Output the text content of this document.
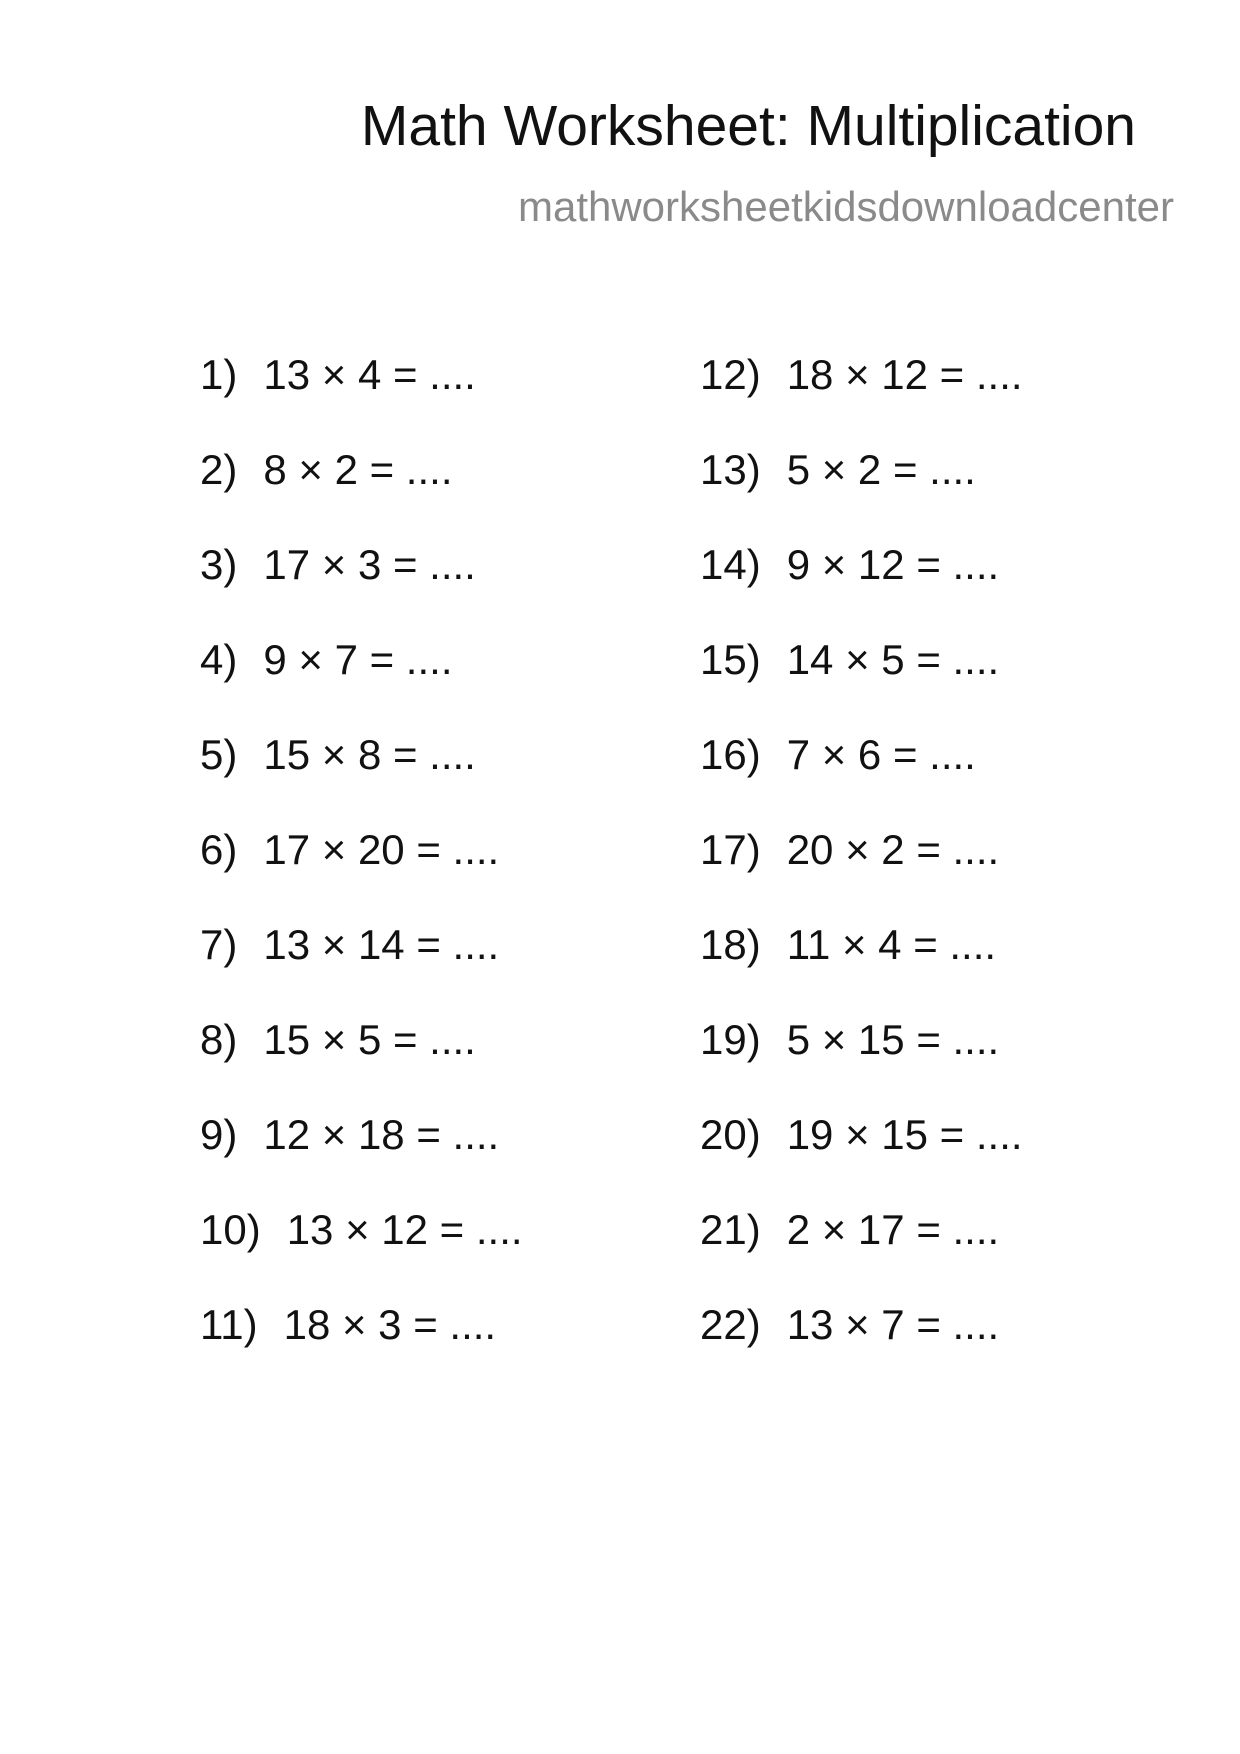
Math Worksheet: Multiplication
mathworksheetkidsdownloadcenter
1) 13 × 4 = ....
2) 8 × 2 = ....
3) 17 × 3 = ....
4) 9 × 7 = ....
5) 15 × 8 = ....
6) 17 × 20 = ....
7) 13 × 14 = ....
8) 15 × 5 = ....
9) 12 × 18 = ....
10) 13 × 12 = ....
11) 18 × 3 = ....
12) 18 × 12 = ....
13) 5 × 2 = ....
14) 9 × 12 = ....
15) 14 × 5 = ....
16) 7 × 6 = ....
17) 20 × 2 = ....
18) 11 × 4 = ....
19) 5 × 15 = ....
20) 19 × 15 = ....
21) 2 × 17 = ....
22) 13 × 7 = ....
